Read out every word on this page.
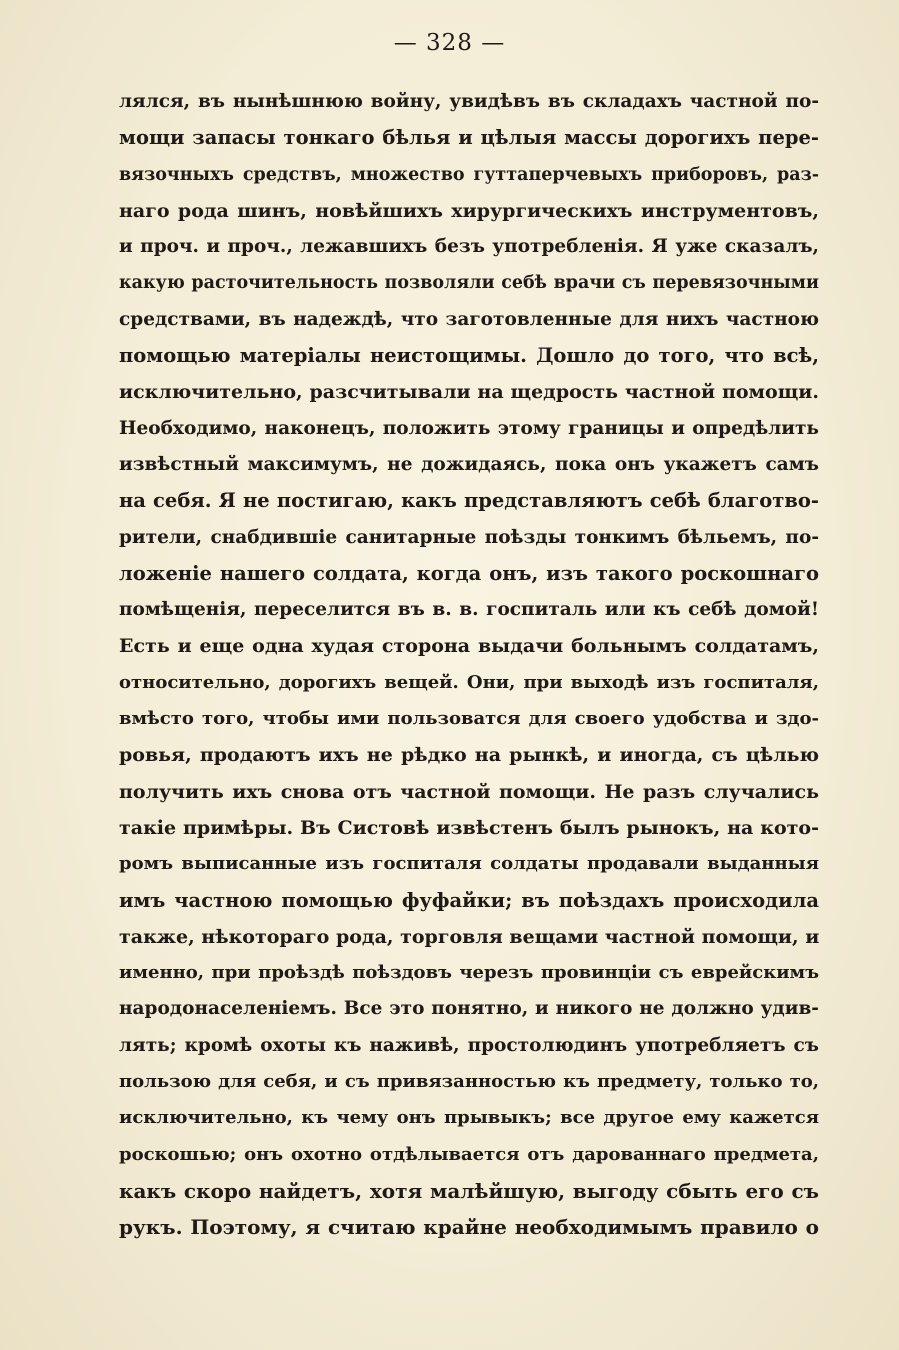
— 328 —
лялся, въ нынѣшнюю войну, увидѣвъ въ складахъ частной по-
мощи запасы тонкаго бѣлья и цѣлыя массы дорогихъ пере-
вязочныхъ средствъ, множество гуттаперчевыхъ приборовъ, раз-
наго рода шинъ, новѣйшихъ хирургическихъ инструментовъ,
и проч. и проч., лежавшихъ безъ употребленія. Я уже сказалъ,
какую расточительность позволяли себѣ врачи съ перевязочными
средствами, въ надеждѣ, что заготовленные для нихъ частною
помощью матеріалы неистощимы. Дошло до того, что всѣ,
исключительно, разсчитывали на щедрость частной помощи.
Необходимо, наконецъ, положить этому границы и опредѣлить
извѣстный максимумъ, не дожидаясь, пока онъ укажетъ самъ
на себя. Я не постигаю, какъ представляютъ себѣ благотво-
рители, снабдившіе санитарные поѣзды тонкимъ бѣльемъ, по-
ложеніе нашего солдата, когда онъ, изъ такого роскошнаго
помѣщенія, переселится въ в. в. госпиталь или къ себѣ домой!
Есть и еще одна худая сторона выдачи больнымъ солдатамъ,
относительно, дорогихъ вещей. Они, при выходѣ изъ госпиталя,
вмѣсто того, чтобы ими пользоватся для своего удобства и здо-
ровья, продаютъ ихъ не рѣдко на рынкѣ, и иногда, съ цѣлью
получить ихъ снова отъ частной помощи. Не разъ случались
такіе примѣры. Въ Систовѣ извѣстенъ былъ рынокъ, на кото-
ромъ выписанные изъ госпиталя солдаты продавали выданныя
имъ частною помощью фуфайки; въ поѣздахъ происходила
также, нѣкотораго рода, торговля вещами частной помощи, и
именно, при проѣздѣ поѣздовъ черезъ провинціи съ еврейскимъ
народонаселеніемъ. Все это понятно, и никого не должно удив-
лять; кромѣ охоты къ наживѣ, простолюдинъ употребляетъ съ
пользою для себя, и съ привязанностью къ предмету, только то,
исключительно, къ чему онъ прывыкъ; все другое ему кажется
роскошью; онъ охотно отдѣлывается отъ дарованнаго предмета,
какъ скоро найдетъ, хотя малѣйшую, выгоду сбыть его съ
рукъ. Поэтому, я считаю крайне необходимымъ правило о
